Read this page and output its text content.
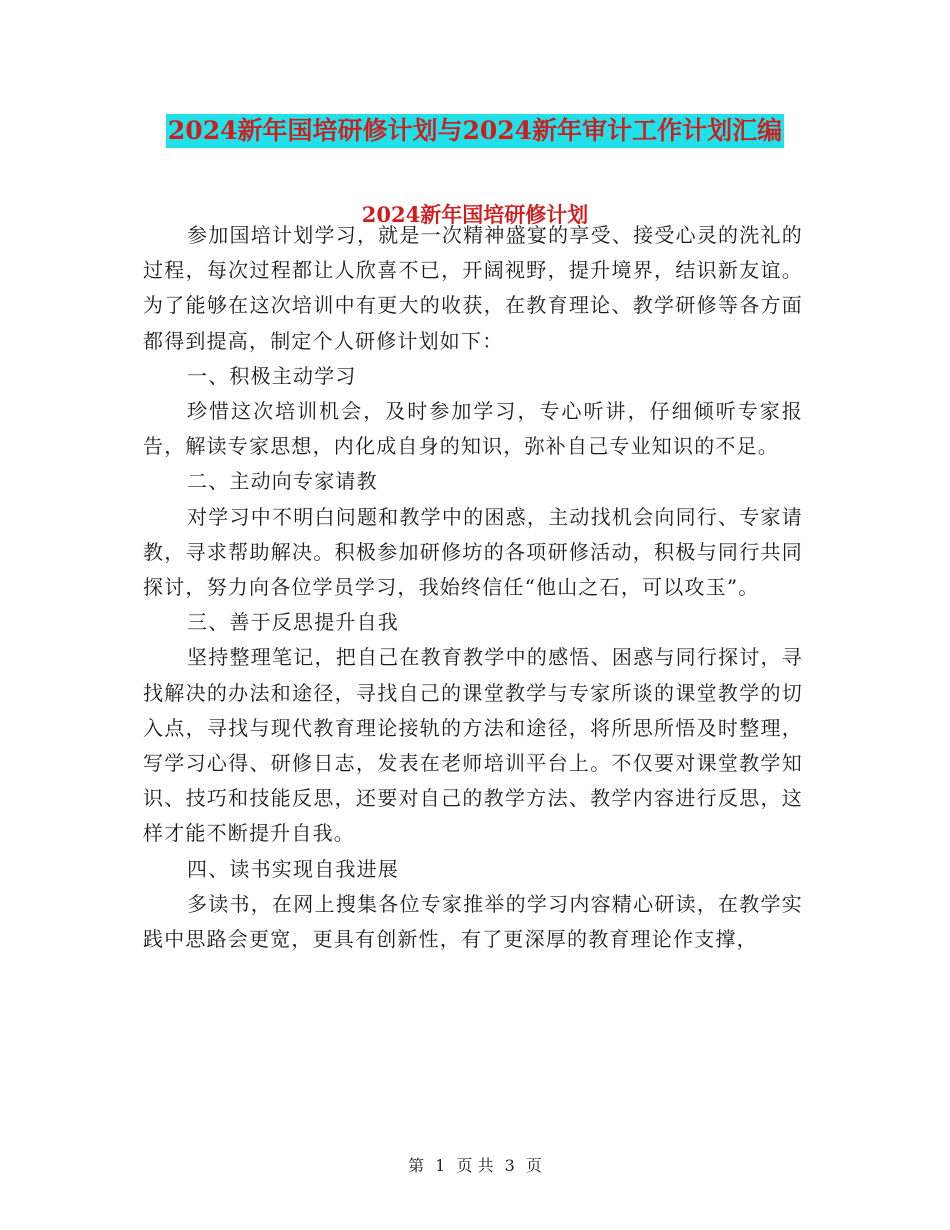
2024新年国培研修计划与2024新年审计工作计划汇编
2024新年国培研修计划

参加国培计划学习，就是一次精神盛宴的享受、接受心灵的洗礼的过程，每次过程都让人欣喜不已，开阔视野，提升境界，结识新友谊。为了能够在这次培训中有更大的收获，在教育理论、教学研修等各方面都得到提高，制定个人研修计划如下：

一、积极主动学习

珍惜这次培训机会，及时参加学习，专心听讲，仔细倾听专家报告，解读专家思想，内化成自身的知识，弥补自己专业知识的不足。

二、主动向专家请教

对学习中不明白问题和教学中的困惑，主动找机会向同行、专家请教，寻求帮助解决。积极参加研修坊的各项研修活动，积极与同行共同探讨，努力向各位学员学习，我始终信任“他山之石，可以攻玉”。

三、善于反思提升自我

坚持整理笔记，把自己在教育教学中的感悟、困惑与同行探讨，寻找解决的办法和途径，寻找自己的课堂教学与专家所谈的课堂教学的切入点，寻找与现代教育理论接轨的方法和途径，将所思所悟及时整理，写学习心得、研修日志，发表在老师培训平台上。不仅要对课堂教学知识、技巧和技能反思，还要对自己的教学方法、教学内容进行反思，这样才能不断提升自我。

四、读书实现自我进展

多读书，在网上搜集各位专家推举的学习内容精心研读，在教学实践中思路会更宽，更具有创新性，有了更深厚的教育理论作支撑，

第 1 页 共 3 页
